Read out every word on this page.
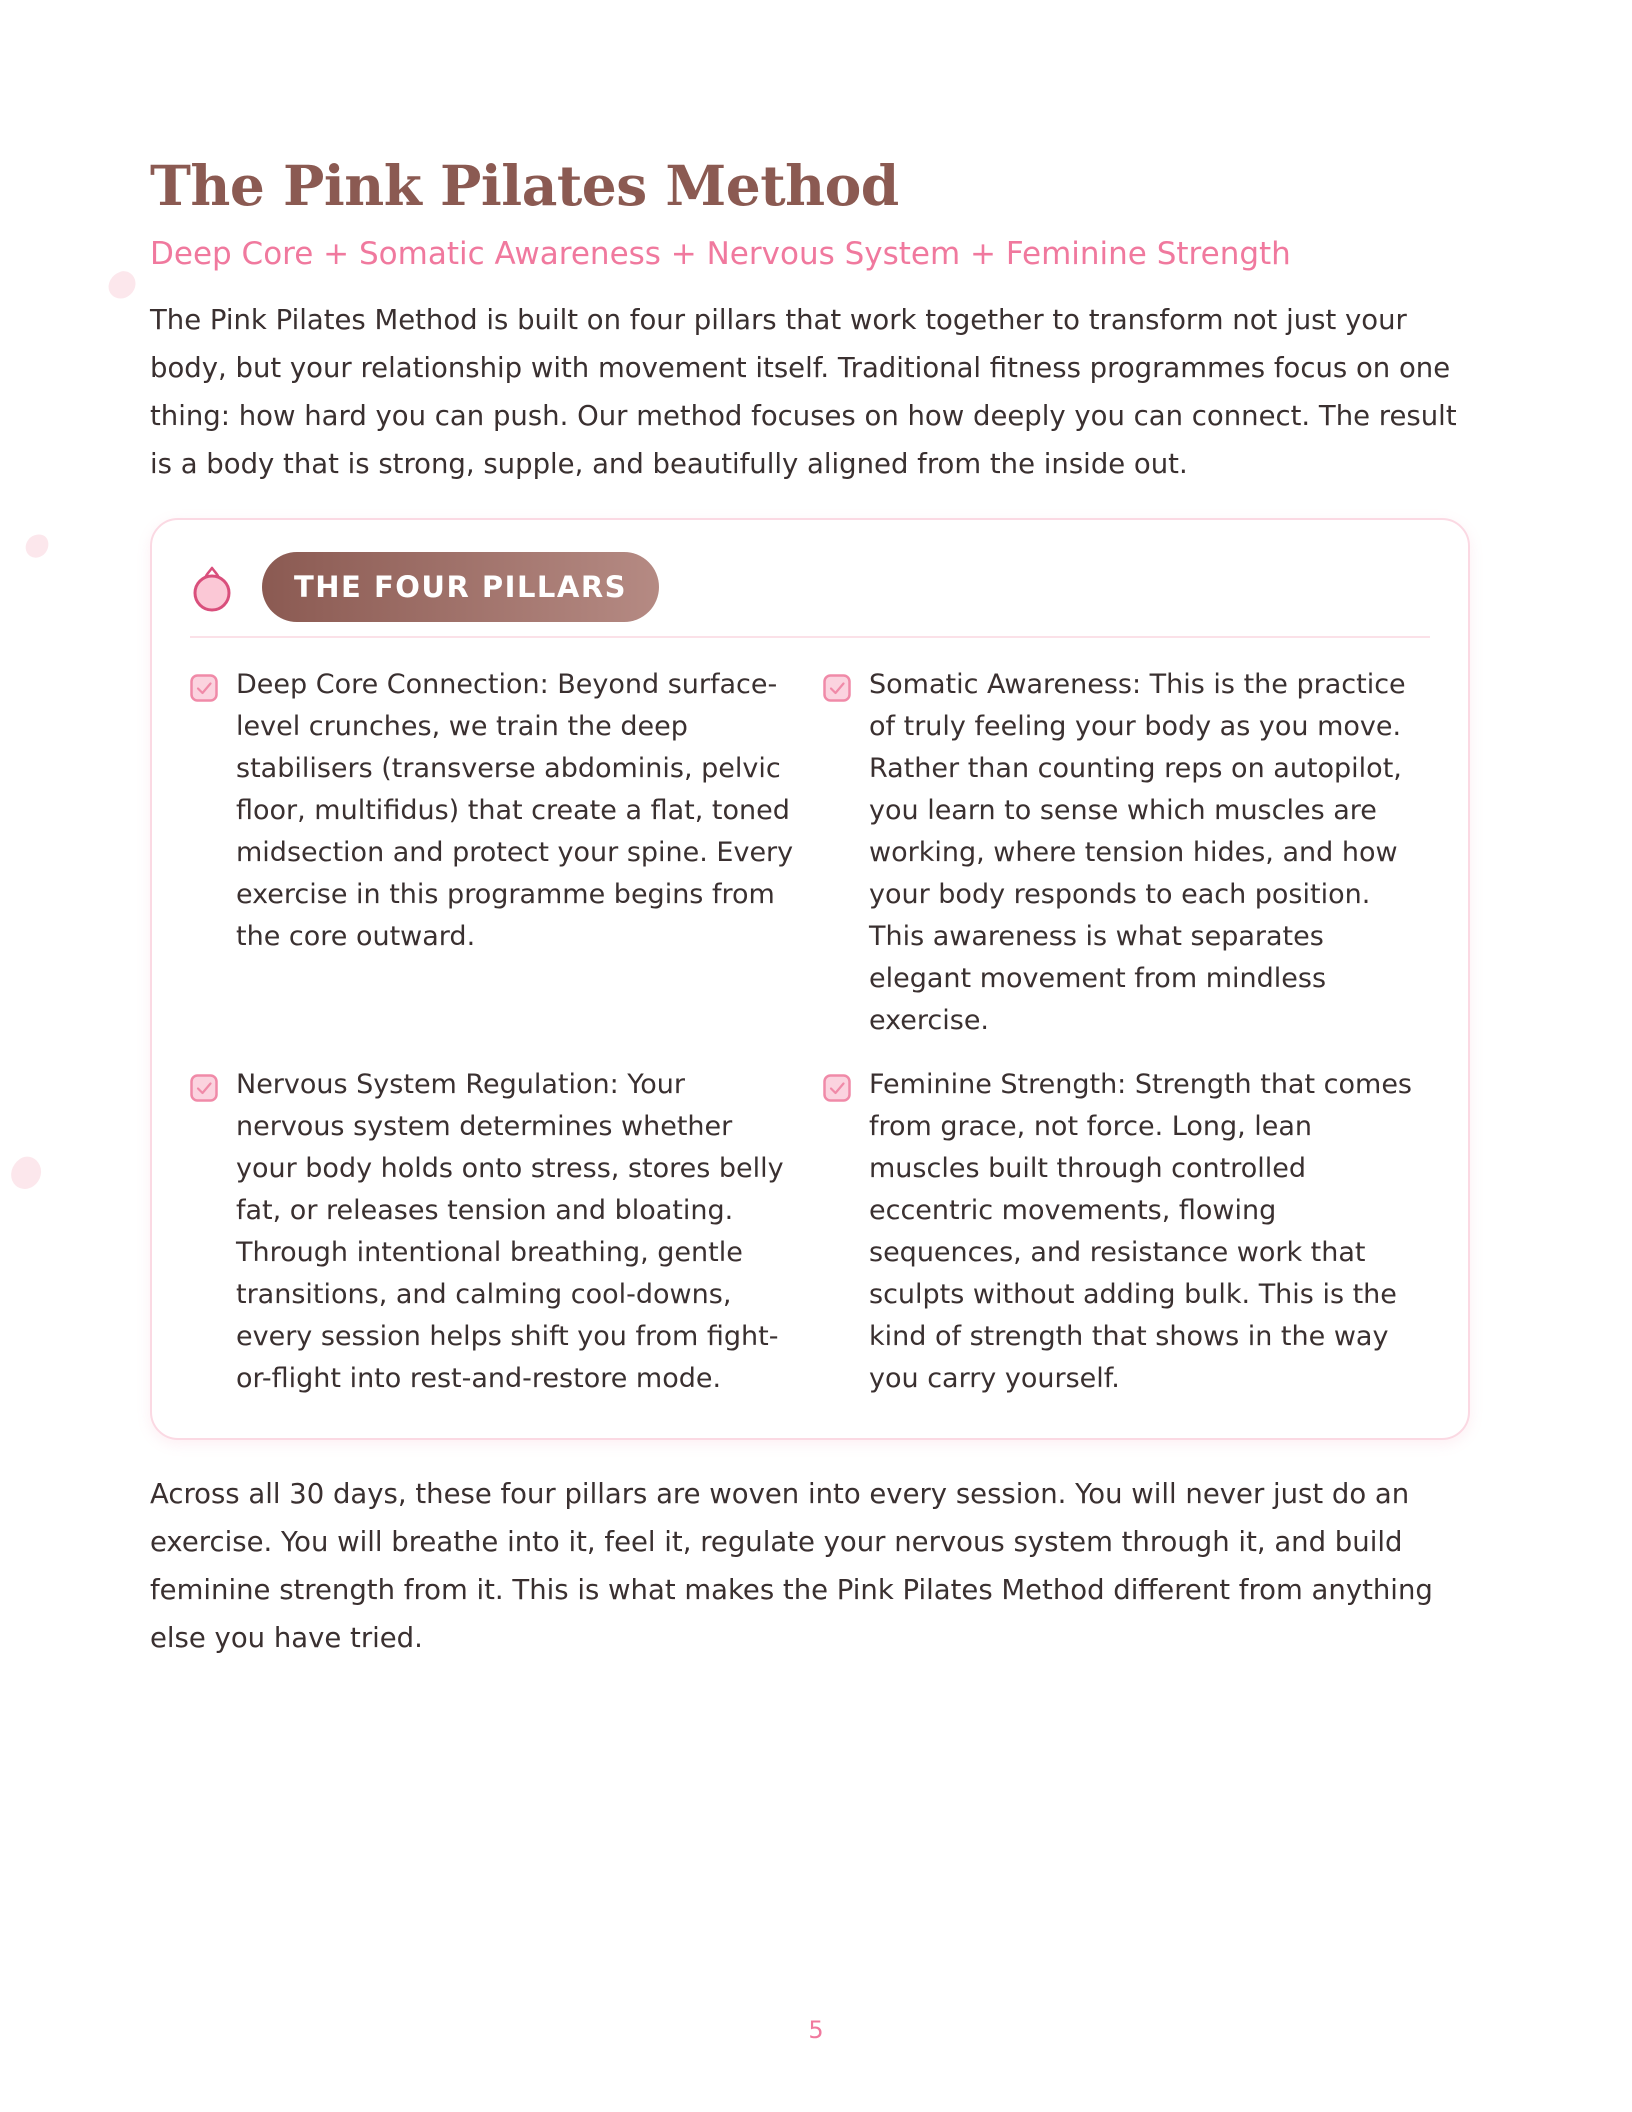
The Pink Pilates Method
Deep Core + Somatic Awareness + Nervous System + Feminine Strength

The Pink Pilates Method is built on four pillars that work together to transform not just your body, but your relationship with movement itself. Traditional fitness programmes focus on one thing: how hard you can push. Our method focuses on how deeply you can connect. The result is a body that is strong, supple, and beautifully aligned from the inside out.

THE FOUR PILLARS

Deep Core Connection: Beyond surface-level crunches, we train the deep stabilisers (transverse abdominis, pelvic floor, multifidus) that create a flat, toned midsection and protect your spine. Every exercise in this programme begins from the core outward.

Somatic Awareness: This is the practice of truly feeling your body as you move. Rather than counting reps on autopilot, you learn to sense which muscles are working, where tension hides, and how your body responds to each position. This awareness is what separates elegant movement from mindless exercise.

Nervous System Regulation: Your nervous system determines whether your body holds onto stress, stores belly fat, or releases tension and bloating. Through intentional breathing, gentle transitions, and calming cool-downs, every session helps shift you from fight-or-flight into rest-and-restore mode.

Feminine Strength: Strength that comes from grace, not force. Long, lean muscles built through controlled eccentric movements, flowing sequences, and resistance work that sculpts without adding bulk. This is the kind of strength that shows in the way you carry yourself.

Across all 30 days, these four pillars are woven into every session. You will never just do an exercise. You will breathe into it, feel it, regulate your nervous system through it, and build feminine strength from it. This is what makes the Pink Pilates Method different from anything else you have tried.

5
